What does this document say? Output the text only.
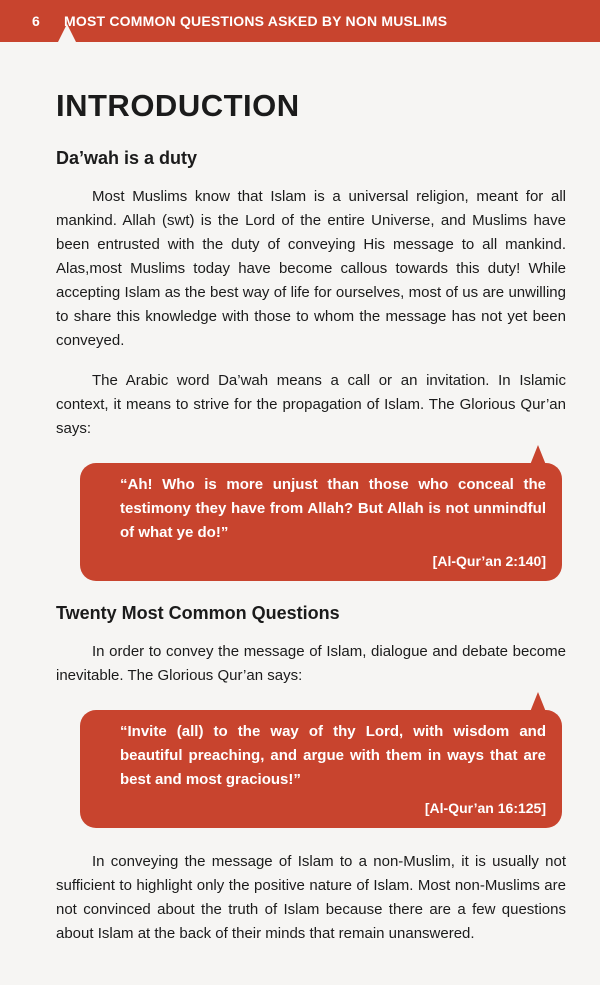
6	MOST COMMON QUESTIONS ASKED BY NON MUSLIMS
INTRODUCTION
Da’wah is a duty

Most Muslims know that Islam is a universal religion, meant for all mankind. Allah (swt) is the Lord of the entire Universe, and Muslims have been entrusted with the duty of conveying His message to all mankind. Alas,most Muslims today have become callous towards this duty! While accepting Islam as the best way of life for ourselves, most of us are unwilling to share this knowledge with those to whom the message has not yet been conveyed.

The Arabic word Da’wah means a call or an invitation. In Islamic context, it means to strive for the propagation of Islam. The Glorious Qur’an says:

“Ah! Who is more unjust than those who conceal the testimony they have from Allah? But Allah is not unmindful of what ye do!”
[Al-Qur’an 2:140]
Twenty Most Common Questions

In order to convey the message of Islam, dialogue and debate become inevitable. The Glorious Qur’an says:

“Invite (all) to the way of thy Lord, with wisdom and beautiful preaching, and argue with them in ways that are best and most gracious!”
[Al-Qur’an 16:125]

In conveying the message of Islam to a non-Muslim, it is usually not sufficient to highlight only the positive nature of Islam. Most non-Muslims are not convinced about the truth of Islam because there are a few questions about Islam at the back of their minds that remain unanswered.
